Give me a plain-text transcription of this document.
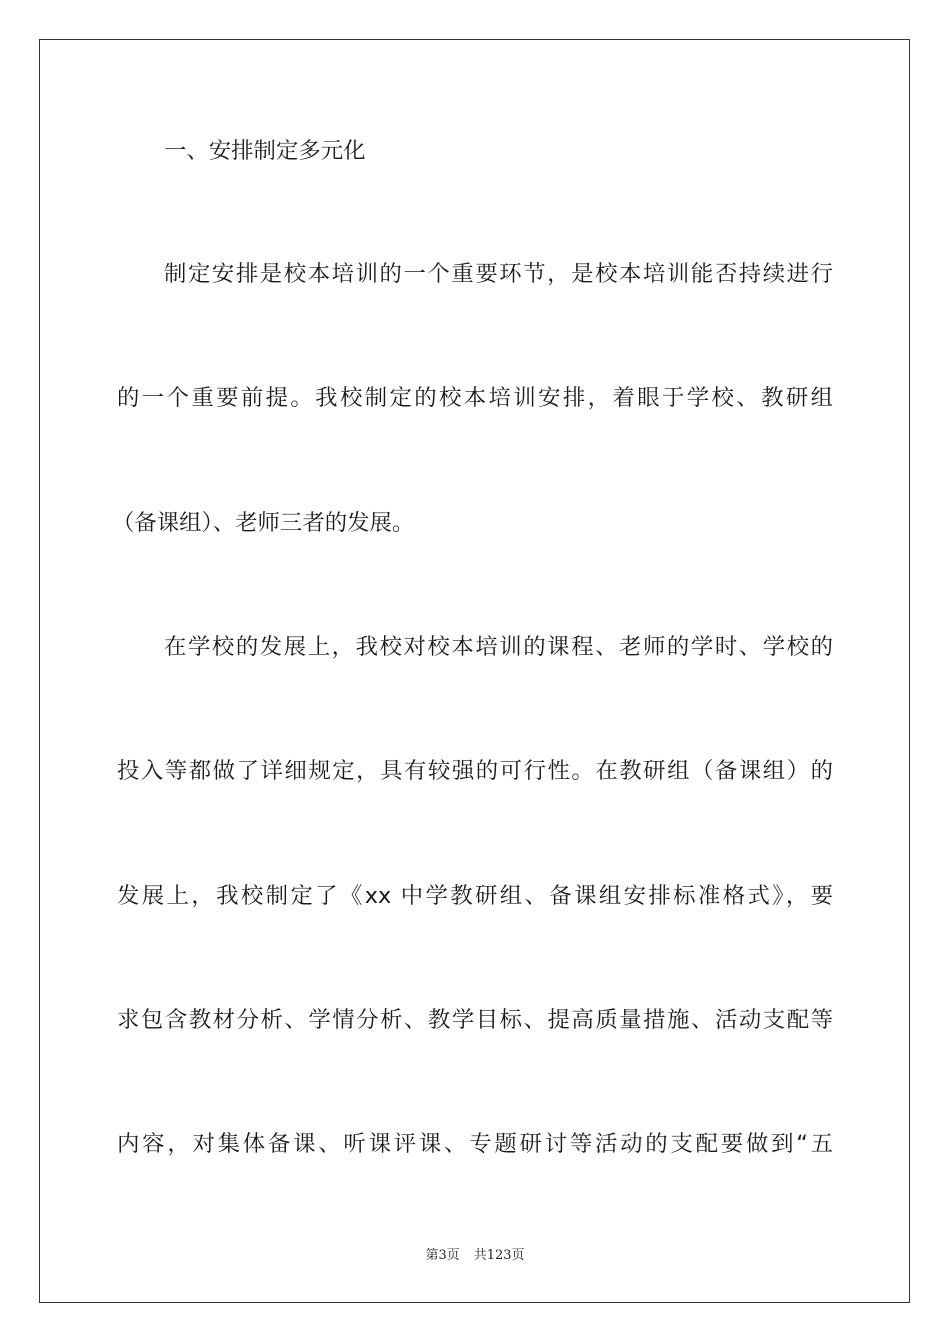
一、安排制定多元化
制定安排是校本培训的一个重要环节，是校本培训能否持续进行
的一个重要前提。我校制定的校本培训安排，着眼于学校、教研组
（备课组）、老师三者的发展。
在学校的发展上，我校对校本培训的课程、老师的学时、学校的
投入等都做了详细规定，具有较强的可行性。在教研组（备课组）的
发展上，我校制定了《xx 中学教研组、备课组安排标准格式》，要
求包含教材分析、学情分析、教学目标、提高质量措施、活动支配等
内容，对集体备课、听课评课、专题研讨等活动的支配要做到“五
第3页 共123页
